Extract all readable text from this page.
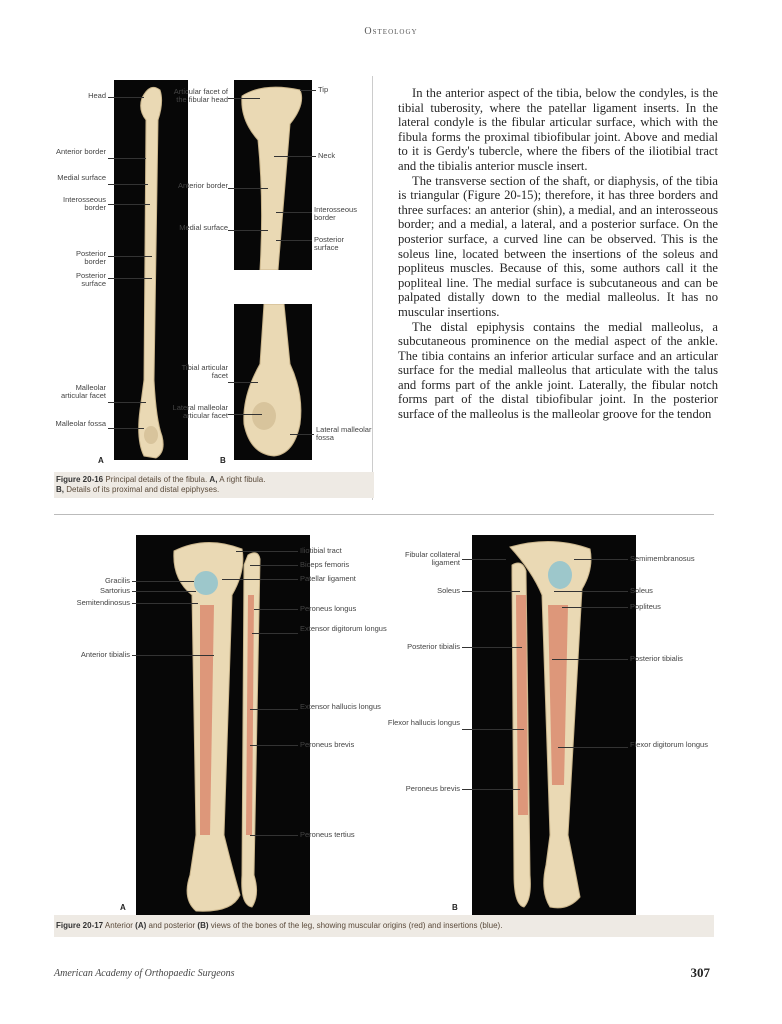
Osteology
Head
Anterior border
Medial surface
Interosseous border
Posterior border
Posterior surface
Malleolar articular facet
Malleolar fossa
A
Articular facet of the fibular head
Anterior border
Medial surface
Tip
Neck
Interosseous border
Posterior surface
Tibial articular facet
Lateral malleolar articular facet
Lateral malleolar fossa
B
Figure 20-16 Principal details of the fibula. A, A right fibula.
B, Details of its proximal and distal epiphyses.

In the anterior aspect of the tibia, below the condyles, is the tibial tuberosity, where the patellar ligament inserts. In the lateral condyle is the fibular articular surface, which with the fibula forms the proximal tibiofibular joint. Above and medial to it is Gerdy's tubercle, where the fibers of the iliotibial tract and the tibialis anterior muscle insert.

The transverse section of the shaft, or diaphysis, of the tibia is triangular (Figure 20-15); therefore, it has three borders and three surfaces: an anterior (shin), a medial, and an interosseous border; and a medial, a lateral, and a posterior surface. On the posterior surface, a curved line can be observed. This is the soleus line, located between the insertions of the soleus and popliteus muscles. Because of this, some authors call it the popliteal line. The medial surface is subcutaneous and can be palpated distally down to the medial malleolus. It has no muscular insertions.

The distal epiphysis contains the medial malleolus, a subcutaneous prominence on the medial aspect of the ankle. The tibia contains an inferior articular surface and an articular surface for the medial malleolus that articulate with the talus and forms part of the ankle joint. Laterally, the fibular notch forms part of the distal tibiofibular joint. In the posterior surface of the malleolus is the malleolar groove for the tendon

Gracilis
Sartorius
Semitendinosus
Anterior tibialis
Iliotibial tract
Biceps femoris
Patellar ligament
Peroneus longus
Extensor digitorum longus
Extensor hallucis longus
Peroneus brevis
Peroneus tertius
A
Fibular collateral ligament
Soleus
Posterior tibialis
Flexor hallucis longus
Peroneus brevis
Semimembranosus
Soleus
Popliteus
Posterior tibialis
Flexor digitorum longus
B
Figure 20-17 Anterior (A) and posterior (B) views of the bones of the leg, showing muscular origins (red) and insertions (blue).
American Academy of Orthopaedic Surgeons	307
